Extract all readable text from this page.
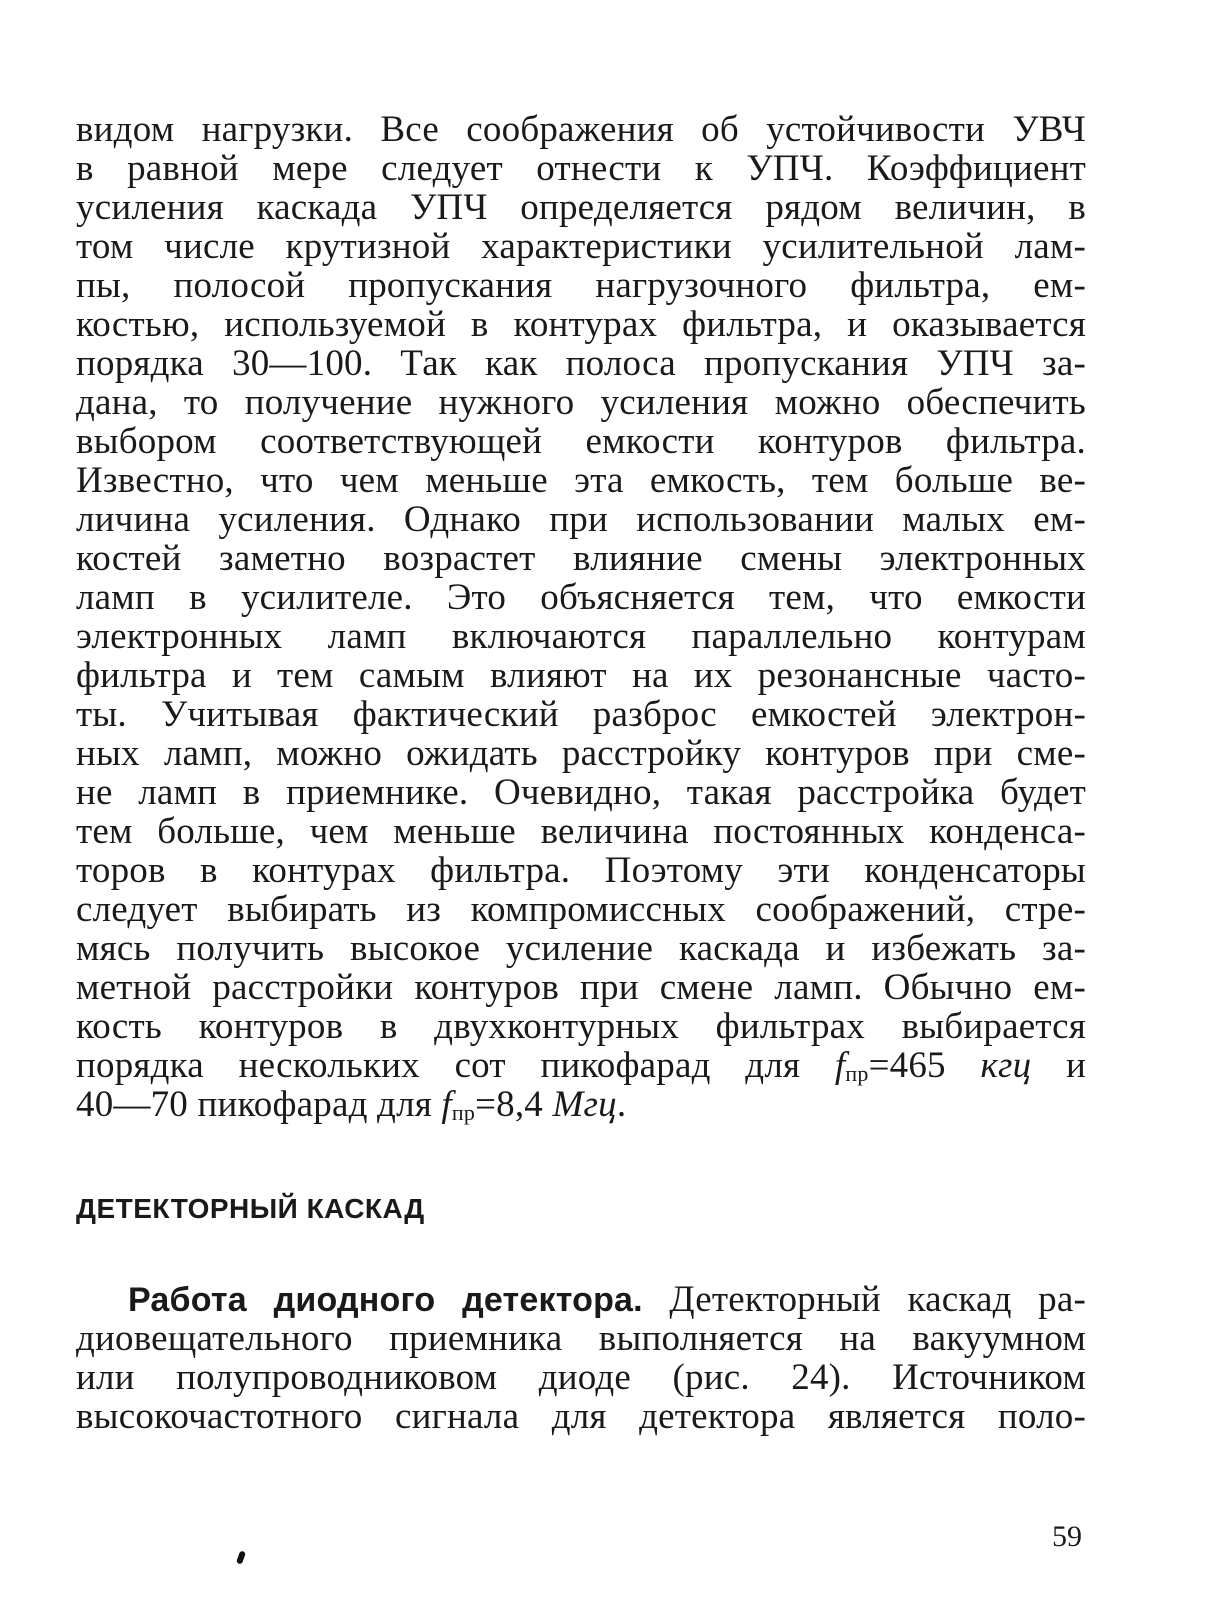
видом нагрузки. Все соображения об устойчивости УВЧ
в равной мере следует отнести к УПЧ. Коэффициент
усиления каскада УПЧ определяется рядом величин, в
том числе крутизной характеристики усилительной лам-
пы, полосой пропускания нагрузочного фильтра, ем-
костью, используемой в контурах фильтра, и оказывается
порядка 30—100. Так как полоса пропускания УПЧ за-
дана, то получение нужного усиления можно обеспечить
выбором соответствующей емкости контуров фильтра.
Известно, что чем меньше эта емкость, тем больше ве-
личина усиления. Однако при использовании малых ем-
костей заметно возрастет влияние смены электронных
ламп в усилителе. Это объясняется тем, что емкости
электронных ламп включаются параллельно контурам
фильтра и тем самым влияют на их резонансные часто-
ты. Учитывая фактический разброс емкостей электрон-
ных ламп, можно ожидать расстройку контуров при сме-
не ламп в приемнике. Очевидно, такая расстройка будет
тем больше, чем меньше величина постоянных конденса-
торов в контурах фильтра. Поэтому эти конденсаторы
следует выбирать из компромиссных соображений, стре-
мясь получить высокое усиление каскада и избежать за-
метной расстройки контуров при смене ламп. Обычно ем-
кость контуров в двухконтурных фильтрах выбирается
порядка нескольких сот пикофарад для fпр=465 кгц и
40—70 пикофарад для fпр=8,4 Мгц.
ДЕТЕКТОРНЫЙ КАСКАД
Работа диодного детектора. Детекторный каскад ра-
диовещательного приемника выполняется на вакуумном
или полупроводниковом диоде (рис. 24). Источником
высокочастотного сигнала для детектора является поло-
59
